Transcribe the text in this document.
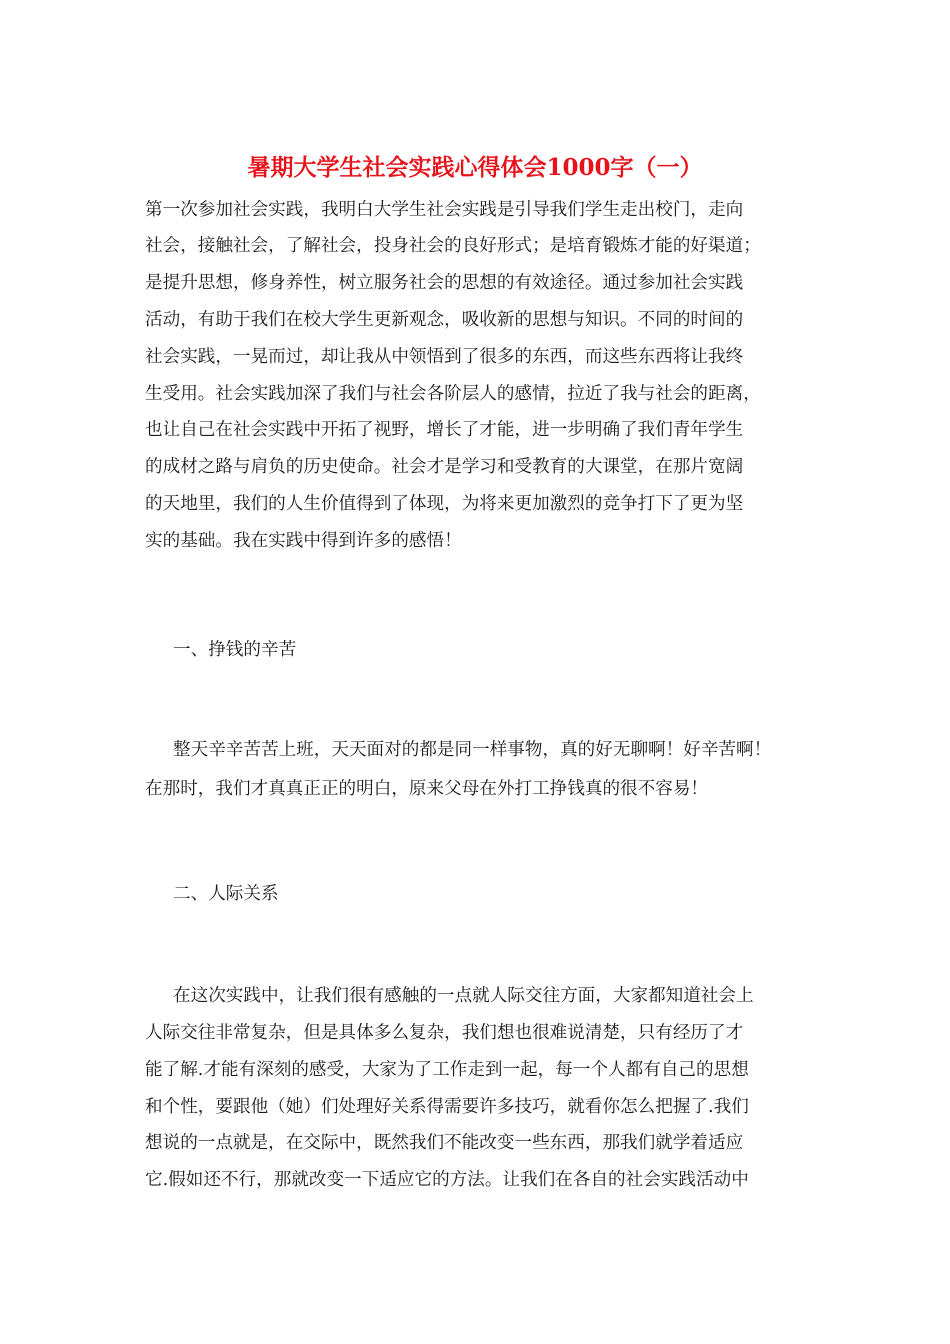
暑期大学生社会实践心得体会1000字（一）
第一次参加社会实践，我明白大学生社会实践是引导我们学生走出校门，走向
社会，接触社会，了解社会，投身社会的良好形式；是培育锻炼才能的好渠道；
是提升思想，修身养性，树立服务社会的思想的有效途径。通过参加社会实践
活动，有助于我们在校大学生更新观念，吸收新的思想与知识。不同的时间的
社会实践，一晃而过，却让我从中领悟到了很多的东西，而这些东西将让我终
生受用。社会实践加深了我们与社会各阶层人的感情，拉近了我与社会的距离，
也让自己在社会实践中开拓了视野，增长了才能，进一步明确了我们青年学生
的成材之路与肩负的历史使命。社会才是学习和受教育的大课堂，在那片宽阔
的天地里，我们的人生价值得到了体现，为将来更加激烈的竞争打下了更为坚
实的基础。我在实践中得到许多的感悟！
一、挣钱的辛苦
整天辛辛苦苦上班，天天面对的都是同一样事物，真的好无聊啊！好辛苦啊！
在那时，我们才真真正正的明白，原来父母在外打工挣钱真的很不容易！
二、人际关系
在这次实践中，让我们很有感触的一点就人际交往方面，大家都知道社会上
人际交往非常复杂，但是具体多么复杂，我们想也很难说清楚，只有经历了才
能了解.才能有深刻的感受，大家为了工作走到一起，每一个人都有自己的思想
和个性，要跟他（她）们处理好关系得需要许多技巧，就看你怎么把握了.我们
想说的一点就是，在交际中，既然我们不能改变一些东西，那我们就学着适应
它.假如还不行，那就改变一下适应它的方法。让我们在各自的社会实践活动中
